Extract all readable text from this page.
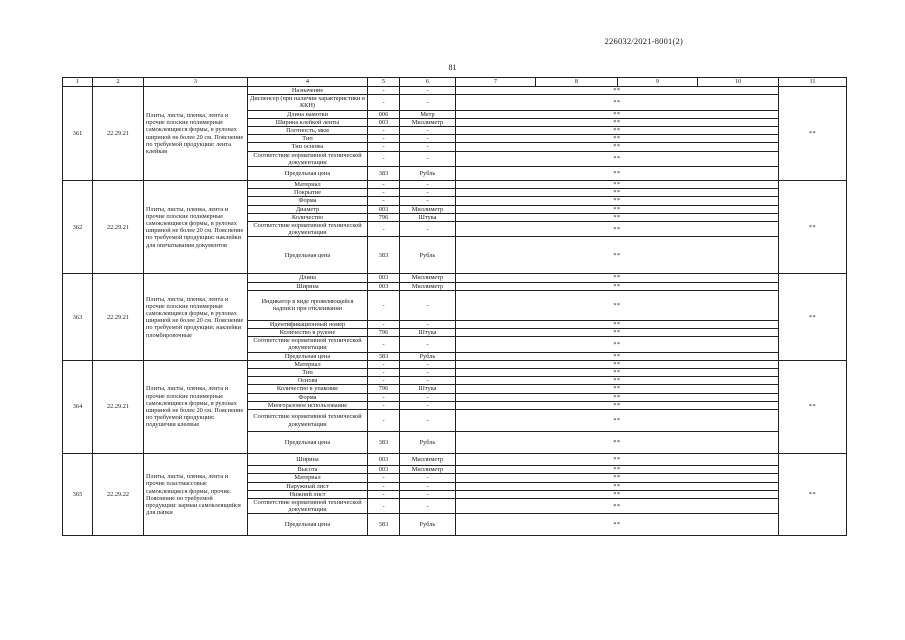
226032/2021-8001(2)
81
1	2	3	4	5	6	7	8	9	10	11
361	22.29.21	Плиты, листы, пленка, лента и прочие плоские полимерные самоклеящиеся формы, в рулонах шириной не более 20 см. Пояснение по требуемой продукции: лента клейкая	Назначение	-	-	**				**
			Диспенсер (при наличии характеристики в ККН)	-	-	**				
			Длина намотки	006	Метр	**				
			Ширина клейкой ленты	003	Миллиметр	**				
			Плотность, мкм	-	-	**				
			Тип	-	-	**				
			Тип основы	-	-	**				
			Соответствие нормативной технической документации	-	-	**				
			Предельная цена	383	Рубль	**				
362	22.29.21	Плиты, листы, пленка, лента и прочие плоские полимерные самоклеящиеся формы, в рулонах шириной не более 20 см. Пояснение по требуемой продукции: наклейки для опечатывания документов	Материал	-	-	**				**
			Покрытие	-	-	**				
			Форма	-	-	**				
			Диаметр	003	Миллиметр	**				
			Количество	796	Штука	**				
			Соответствие нормативной технической документации	-	-	**				
			Предельная цена	383	Рубль	**				
363	22.29.21	Плиты, листы, пленка, лента и прочие плоские полимерные самоклеящиеся формы, в рулонах шириной не более 20 см. Пояснение по требуемой продукции: наклейки пломбировочные	Длина	003	Миллиметр	**				**
			Ширина	003	Миллиметр	**				
			Индикатор в виде проявляющейся надписи при отклеивании	-	-	**				
			Идентификационный номер	-	-	**				
			Количество в рулоне	796	Штука	**				
			Соответствие нормативной технической документации	-	-	**				
			Предельная цена	383	Рубль	**				
364	22.29.21	Плиты, листы, пленка, лента и прочие плоские полимерные самоклеящиеся формы, в рулонах шириной не более 20 см. Пояснение по требуемой продукции: подушечки клеевые	Материал	-	-	**				**
			Тип	-	-	**				
			Основа	-	-	**				
			Количество в упаковке	796	Штука	**				
			Форма	-	-	**				
			Многоразовое использование	-	-	**				
			Соответствие нормативной технической документации	-	-	**				
			Предельная цена	383	Рубль	**				
365	22.29.22	Плиты, листы, пленка, лента и прочие пластмассовые самоклеящиеся формы, прочие. Пояснение по требуемой продукции: карман самоклеящийся для папки	Ширина	003	Миллиметр	**				**
			Высота	003	Миллиметр	**				
			Материал	-	-	**				
			Наружный лист	-	-	**				
			Нижний лист	-	-	**				
			Соответствие нормативной технической документации	-	-	**				
			Предельная цена	383	Рубль	**				
